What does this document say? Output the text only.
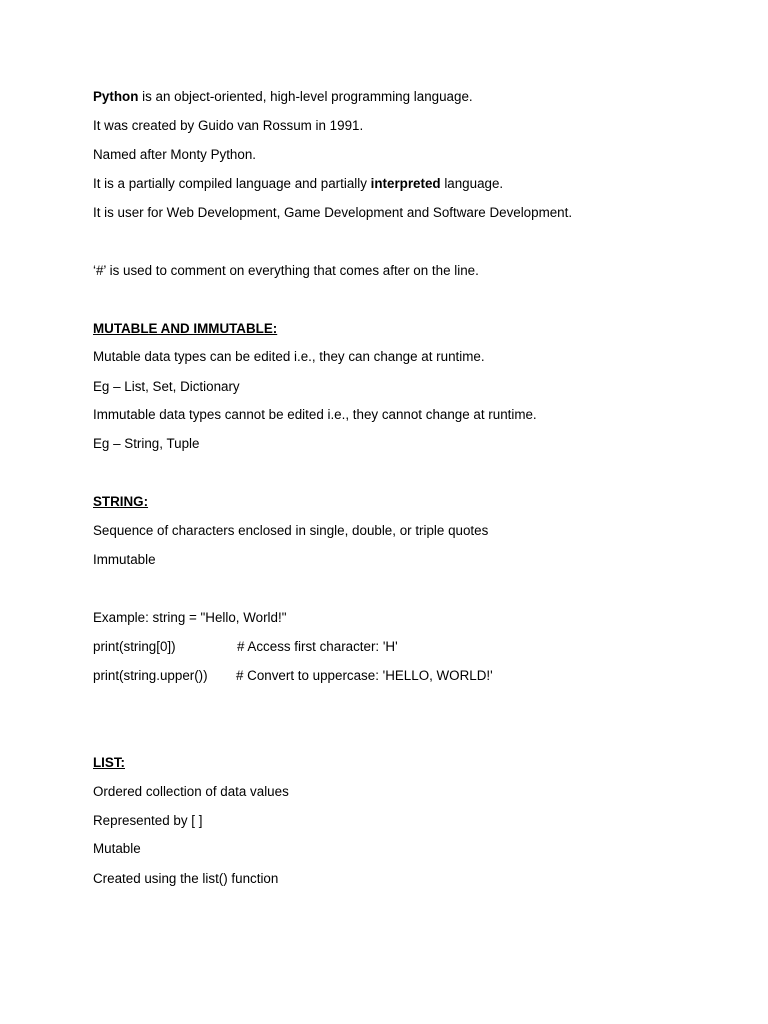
Python is an object-oriented, high-level programming language.

It was created by Guido van Rossum in 1991.

Named after Monty Python.

It is a partially compiled language and partially interpreted language.

It is user for Web Development, Game Development and Software Development.

‘#’ is used to comment on everything that comes after on the line.

MUTABLE AND IMMUTABLE:

Mutable data types can be edited i.e., they can change at runtime.

Eg – List, Set, Dictionary

Immutable data types cannot be edited i.e., they cannot change at runtime.

Eg – String, Tuple

STRING:

Sequence of characters enclosed in single, double, or triple quotes

Immutable

Example: string = "Hello, World!"

print(string[0])	# Access first character: 'H'

print(string.upper()) # Convert to uppercase: 'HELLO, WORLD!'

LIST:

Ordered collection of data values

Represented by [ ]

Mutable

Created using the list() function
